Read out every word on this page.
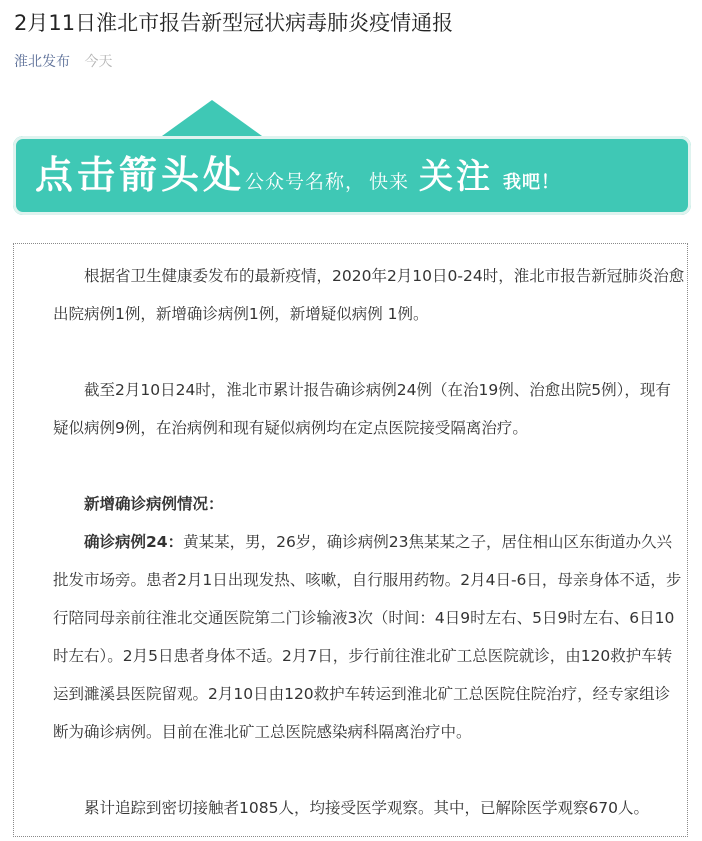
2月11日淮北市报告新型冠状病毒肺炎疫情通报
淮北发布 今天
点击箭头处公众号名称， 快来 关注 我吧！

根据省卫生健康委发布的最新疫情，2020年2月10日0-24时，淮北市报告新冠肺炎治愈出院病例1例，新增确诊病例1例，新增疑似病例 1例。

截至2月10日24时，淮北市累计报告确诊病例24例（在治19例、治愈出院5例），现有疑似病例9例，在治病例和现有疑似病例均在定点医院接受隔离治疗。

新增确诊病例情况：

确诊病例24：黄某某，男，26岁，确诊病例23焦某某之子，居住相山区东街道办久兴批发市场旁。患者2月1日出现发热、咳嗽，自行服用药物。2月4日-6日，母亲身体不适，步行陪同母亲前往淮北交通医院第二门诊输液3次（时间：4日9时左右、5日9时左右、6日10时左右）。2月5日患者身体不适。2月7日，步行前往淮北矿工总医院就诊，由120救护车转运到濉溪县医院留观。2月10日由120救护车转运到淮北矿工总医院住院治疗，经专家组诊断为确诊病例。目前在淮北矿工总医院感染病科隔离治疗中。

累计追踪到密切接触者1085人，均接受医学观察。其中，已解除医学观察670人。
